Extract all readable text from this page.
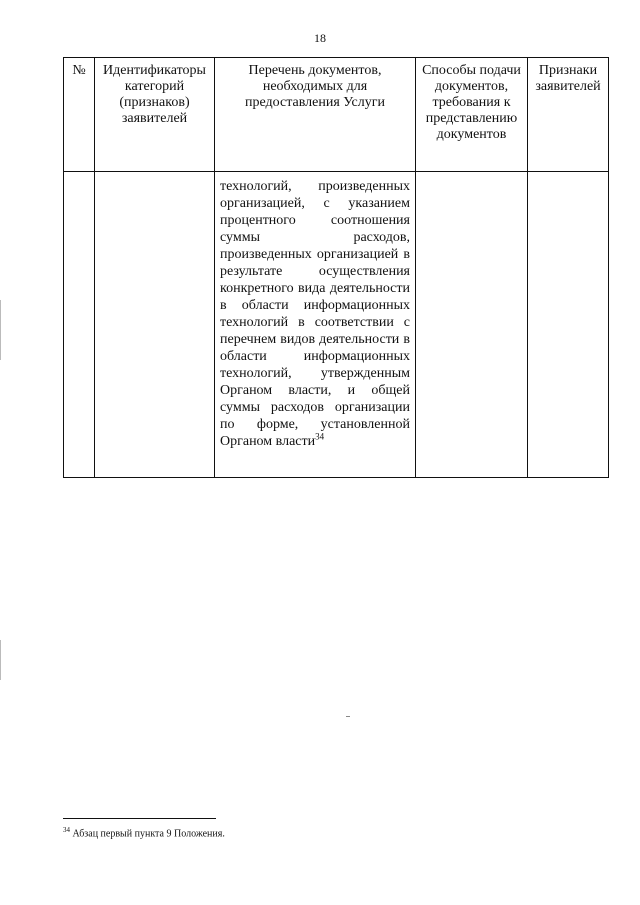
18
№	Идентификаторы категорий (признаков) заявителей	Перечень документов, необходимых для предоставления Услуги	Способы подачи документов, требования к представлению документов	Признаки заявителей

		технологий, произведенных организацией, с указанием процентного соотношения суммы расходов, произведенных организацией в результате осуществления конкретного вида деятельности в области информационных технологий в соответствии с перечнем видов деятельности в области информационных технологий, утвержденным Органом власти, и общей суммы расходов организации по форме, установленной Органом власти$^{34}$

$^{34}$ Абзац первый пункта 9 Положения.
